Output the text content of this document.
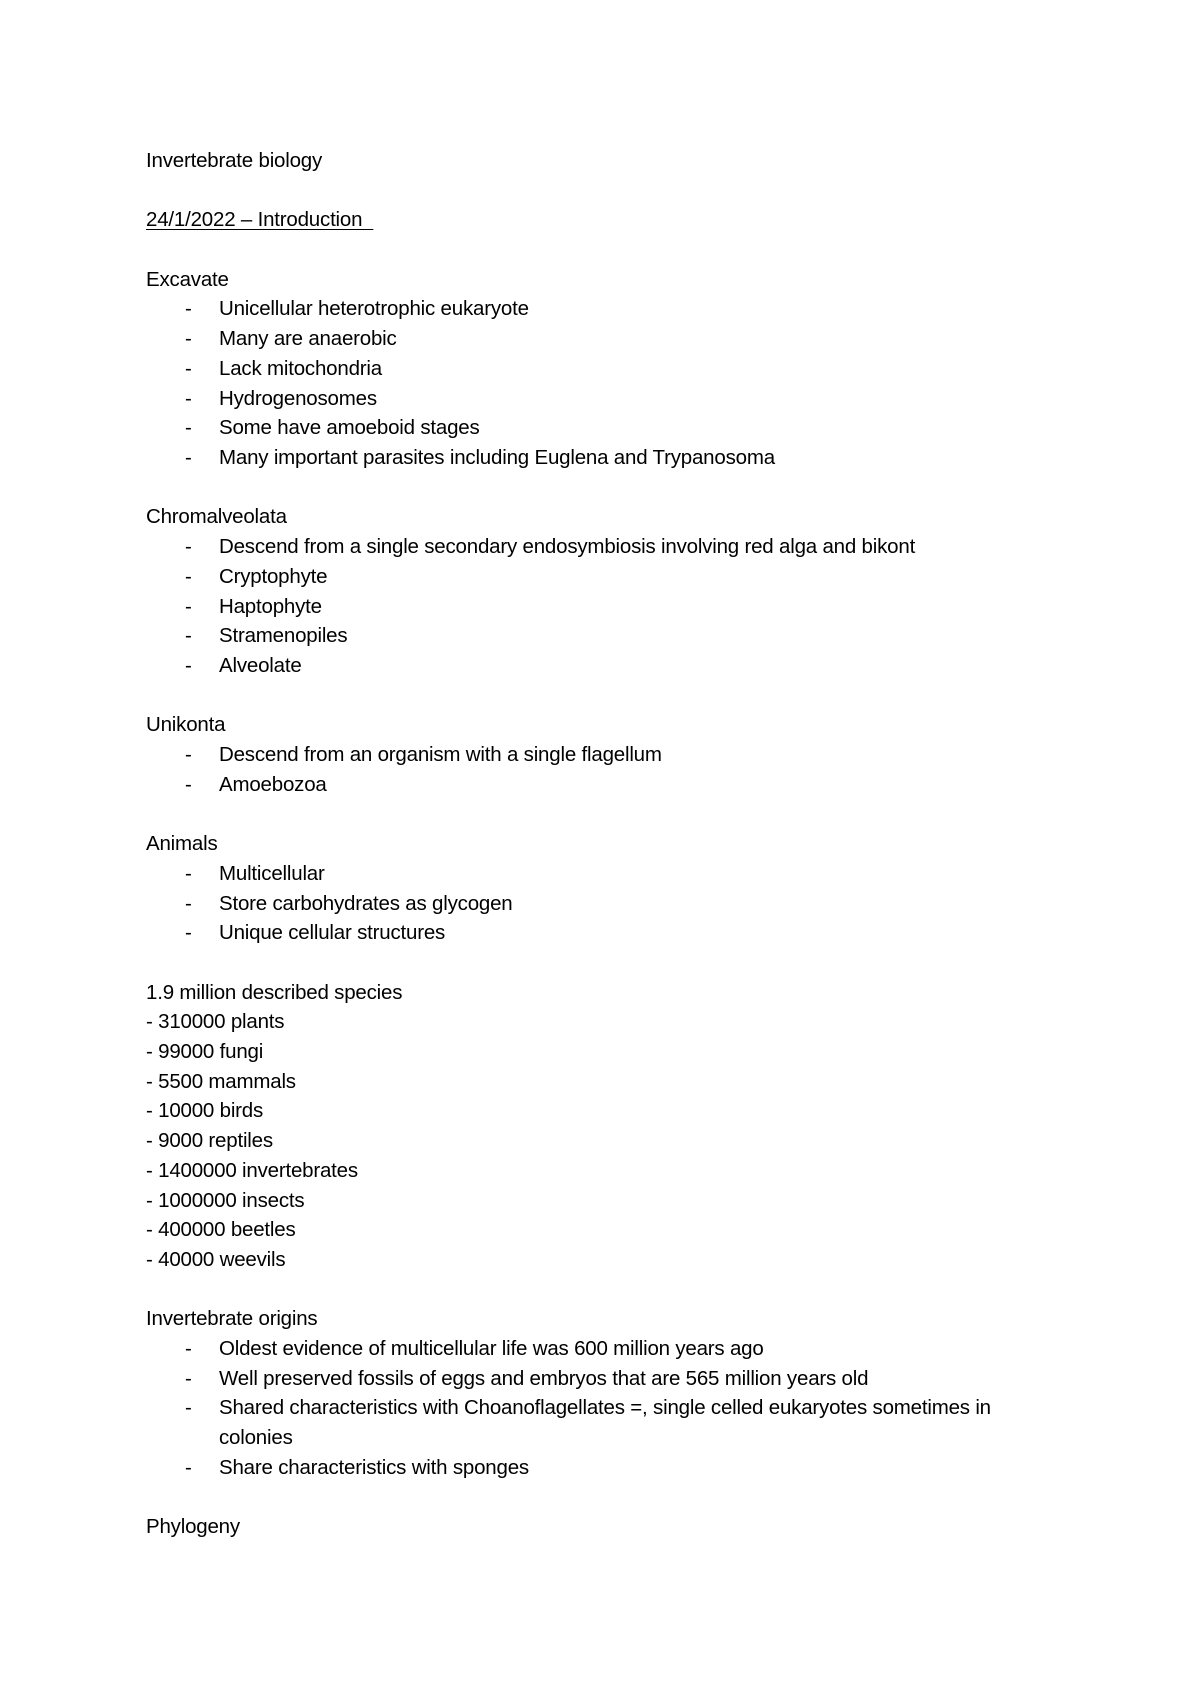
Invertebrate biology

24/1/2022 – Introduction

Excavate

- Unicellular heterotrophic eukaryote
- Many are anaerobic
- Lack mitochondria
- Hydrogenosomes
- Some have amoeboid stages
- Many important parasites including Euglena and Trypanosoma

Chromalveolata

- Descend from a single secondary endosymbiosis involving red alga and bikont
- Cryptophyte
- Haptophyte
- Stramenopiles
- Alveolate

Unikonta

- Descend from an organism with a single flagellum
- Amoebozoa

Animals

- Multicellular
- Store carbohydrates as glycogen
- Unique cellular structures

1.9 million described species

- 310000 plants

- 99000 fungi

- 5500 mammals

- 10000 birds

- 9000 reptiles

- 1400000 invertebrates

- 1000000 insects

- 400000 beetles

- 40000 weevils

Invertebrate origins

- Oldest evidence of multicellular life was 600 million years ago
- Well preserved fossils of eggs and embryos that are 565 million years old
- Shared characteristics with Choanoflagellates =, single celled eukaryotes sometimes in colonies
- Share characteristics with sponges

Phylogeny
